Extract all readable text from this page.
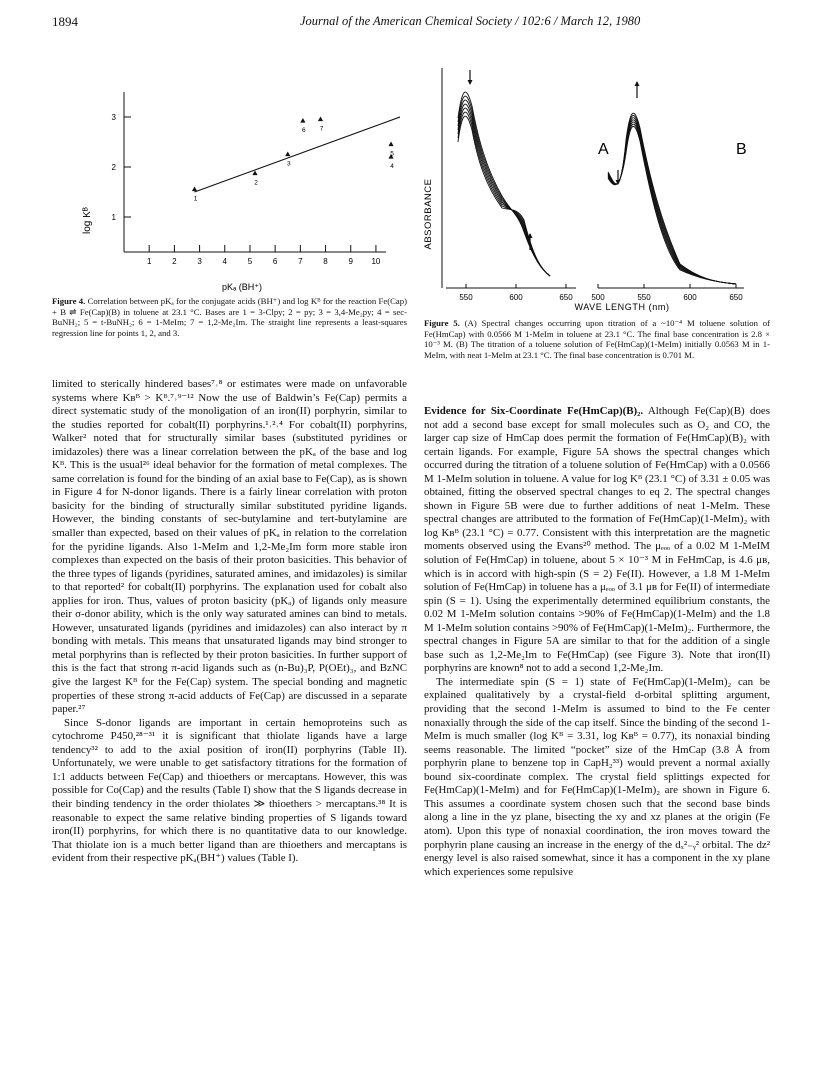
1894	Journal of the American Chemical Society / 102:6 / March 12, 1980
1	2	3	4	5	6	7	8	9 10
1
2
3
1
2
3	4
5
6 7
log Kᴮ
pKₐ (BH⁺)
Figure 4. Correlation between pKₐ for the conjugate acids (BH⁺) and log Kᴮ for the reaction Fe(Cap) + B ⇌ Fe(Cap)(B) in toluene at 23.1 °C. Bases are 1 = 3-Clpy; 2 = py; 3 = 3,4-Me₂py; 4 = sec-BuNH₂; 5 = t-BuNH₂; 6 = 1-MeIm; 7 = 1,2-Me₂Im. The straight line represents a least-squares regression line for points 1, 2, and 3.
550	600	650 500	550	600	650
ABSORBANCE
A	B
WAVE LENGTH (nm)
Figure 5. (A) Spectral changes occurring upon titration of a ~10⁻⁴ M toluene solution of Fe(HmCap) with 0.0566 M 1-MeIm in toluene at 23.1 °C. The final base concentration is 2.8 × 10⁻³ M. (B) The titration of a toluene solution of Fe(HmCap)(1-MeIm) initially 0.0563 M in 1-MeIm, with neat 1-MeIm at 23.1 °C. The final base concentration is 0.701 M.

limited to sterically hindered bases⁷˒⁸ or estimates were made on unfavorable systems where Kʙᴮ > Kᴮ.⁷˒⁹⁻¹² Now the use of Baldwin’s Fe(Cap) permits a direct systematic study of the monoligation of an iron(II) porphyrin, similar to the studies reported for cobalt(II) porphyrins.¹˒²˒⁴ For cobalt(II) porphyrins, Walker² noted that for structurally similar bases (substituted pyridines or imidazoles) there was a linear correlation between the pKₐ of the base and log Kᴮ. This is the usual²⁶ ideal behavior for the formation of metal complexes. The same correlation is found for the binding of an axial base to Fe(Cap), as is shown in Figure 4 for N-donor ligands. There is a fairly linear correlation with proton basicity for the binding of structurally similar substituted pyridine ligands. However, the binding constants of sec-butylamine and tert-butylamine are smaller than expected, based on their values of pKₐ in relation to the correlation for the pyridine ligands. Also 1-MeIm and 1,2-Me₂Im form more stable iron complexes than expected on the basis of their proton basicities. This behavior of the three types of ligands (pyridines, saturated amines, and imidazoles) is similar to that reported² for cobalt(II) porphyrins. The explanation used for cobalt also applies for iron. Thus, values of proton basicity (pKₐ) of ligands only measure their σ-donor ability, which is the only way saturated amines can bind to metals. However, unsaturated ligands (pyridines and imidazoles) can also interact by π bonding with metals. This means that unsaturated ligands may bind stronger to metal porphyrins than is reflected by their proton basicities. In further support of this is the fact that strong π-acid ligands such as (n-Bu)₃P, P(OEt)₃, and BzNC give the largest Kᴮ for the Fe(Cap) system. The special bonding and magnetic properties of these strong π-acid adducts of Fe(Cap) are discussed in a separate paper.²⁷

Since S-donor ligands are important in certain hemoproteins such as cytochrome P450,²⁸⁻³¹ it is significant that thiolate ligands have a large tendency³² to add to the axial position of iron(II) porphyrins (Table II). Unfortunately, we were unable to get satisfactory titrations for the formation of 1:1 adducts between Fe(Cap) and thioethers or mercaptans. However, this was possible for Co(Cap) and the results (Table I) show that the S ligands decrease in their binding tendency in the order thiolates ≫ thioethers > mercaptans.³⁸ It is reasonable to expect the same relative binding properties of S ligands toward iron(II) porphyrins, for which there is no quantitative data to our knowledge. That thiolate ion is a much better ligand than are thioethers and mercaptans is evident from their respective pKₐ(BH⁺) values (Table I).

Evidence for Six-Coordinate Fe(HmCap)(B)₂. Although Fe(Cap)(B) does not add a second base except for small molecules such as O₂ and CO, the larger cap size of HmCap does permit the formation of Fe(HmCap)(B)₂ with certain ligands. For example, Figure 5A shows the spectral changes which occurred during the titration of a toluene solution of Fe(HmCap) with a 0.0566 M 1-MeIm solution in toluene. A value for log Kᴮ (23.1 °C) of 3.31 ± 0.05 was obtained, fitting the observed spectral changes to eq 2. The spectral changes shown in Figure 5B were due to further additions of neat 1-MeIm. These spectral changes are attributed to the formation of Fe(HmCap)(1-MeIm)₂ with log Kʙᴮ (23.1 °C) = 0.77. Consistent with this interpretation are the magnetic moments observed using the Evans²⁰ method. The μₑₒₒ of a 0.02 M 1-MeIM solution of Fe(HmCap) in toluene, about 5 × 10⁻³ M in FeHmCap, is 4.6 μʙ, which is in accord with high-spin (S = 2) Fe(II). However, a 1.8 M 1-MeIm solution of Fe(HmCap) in toluene has a μₑₒₒ of 3.1 μʙ for Fe(II) of intermediate spin (S = 1). Using the experimentally determined equilibrium constants, the 0.02 M 1-MeIm solution contains >90% of Fe(HmCap)(1-MeIm) and the 1.8 M 1-MeIm solution contains >90% of Fe(HmCap)(1-MeIm)₂. Furthermore, the spectral changes in Figure 5A are similar to that for the addition of a single base such as 1,2-Me₂Im to Fe(HmCap) (see Figure 3). Note that iron(II) porphyrins are known⁸ not to add a second 1,2-Me₂Im.

The intermediate spin (S = 1) state of Fe(HmCap)(1-MeIm)₂ can be explained qualitatively by a crystal-field d-orbital splitting argument, providing that the second 1-MeIm is assumed to bind to the Fe center nonaxially through the side of the cap itself. Since the binding of the second 1-MeIm is much smaller (log Kᴮ = 3.31, log Kʙᴮ = 0.77), its nonaxial binding seems reasonable. The limited “pocket” size of the HmCap (3.8 Å from porphyrin plane to benzene top in CapH₂³³) would prevent a normal axially bound six-coordinate complex. The crystal field splittings expected for Fe(HmCap)(1-MeIm) and for Fe(HmCap)(1-MeIm)₂ are shown in Figure 6. This assumes a coordinate system chosen such that the second base binds along a line in the yz plane, bisecting the xy and xz planes at the origin (Fe atom). Upon this type of nonaxial coordination, the iron moves toward the porphyrin plane causing an increase in the energy of the dₓ²₋ᵧ² orbital. The dz² energy level is also raised somewhat, since it has a component in the xy plane which experiences some repulsive
